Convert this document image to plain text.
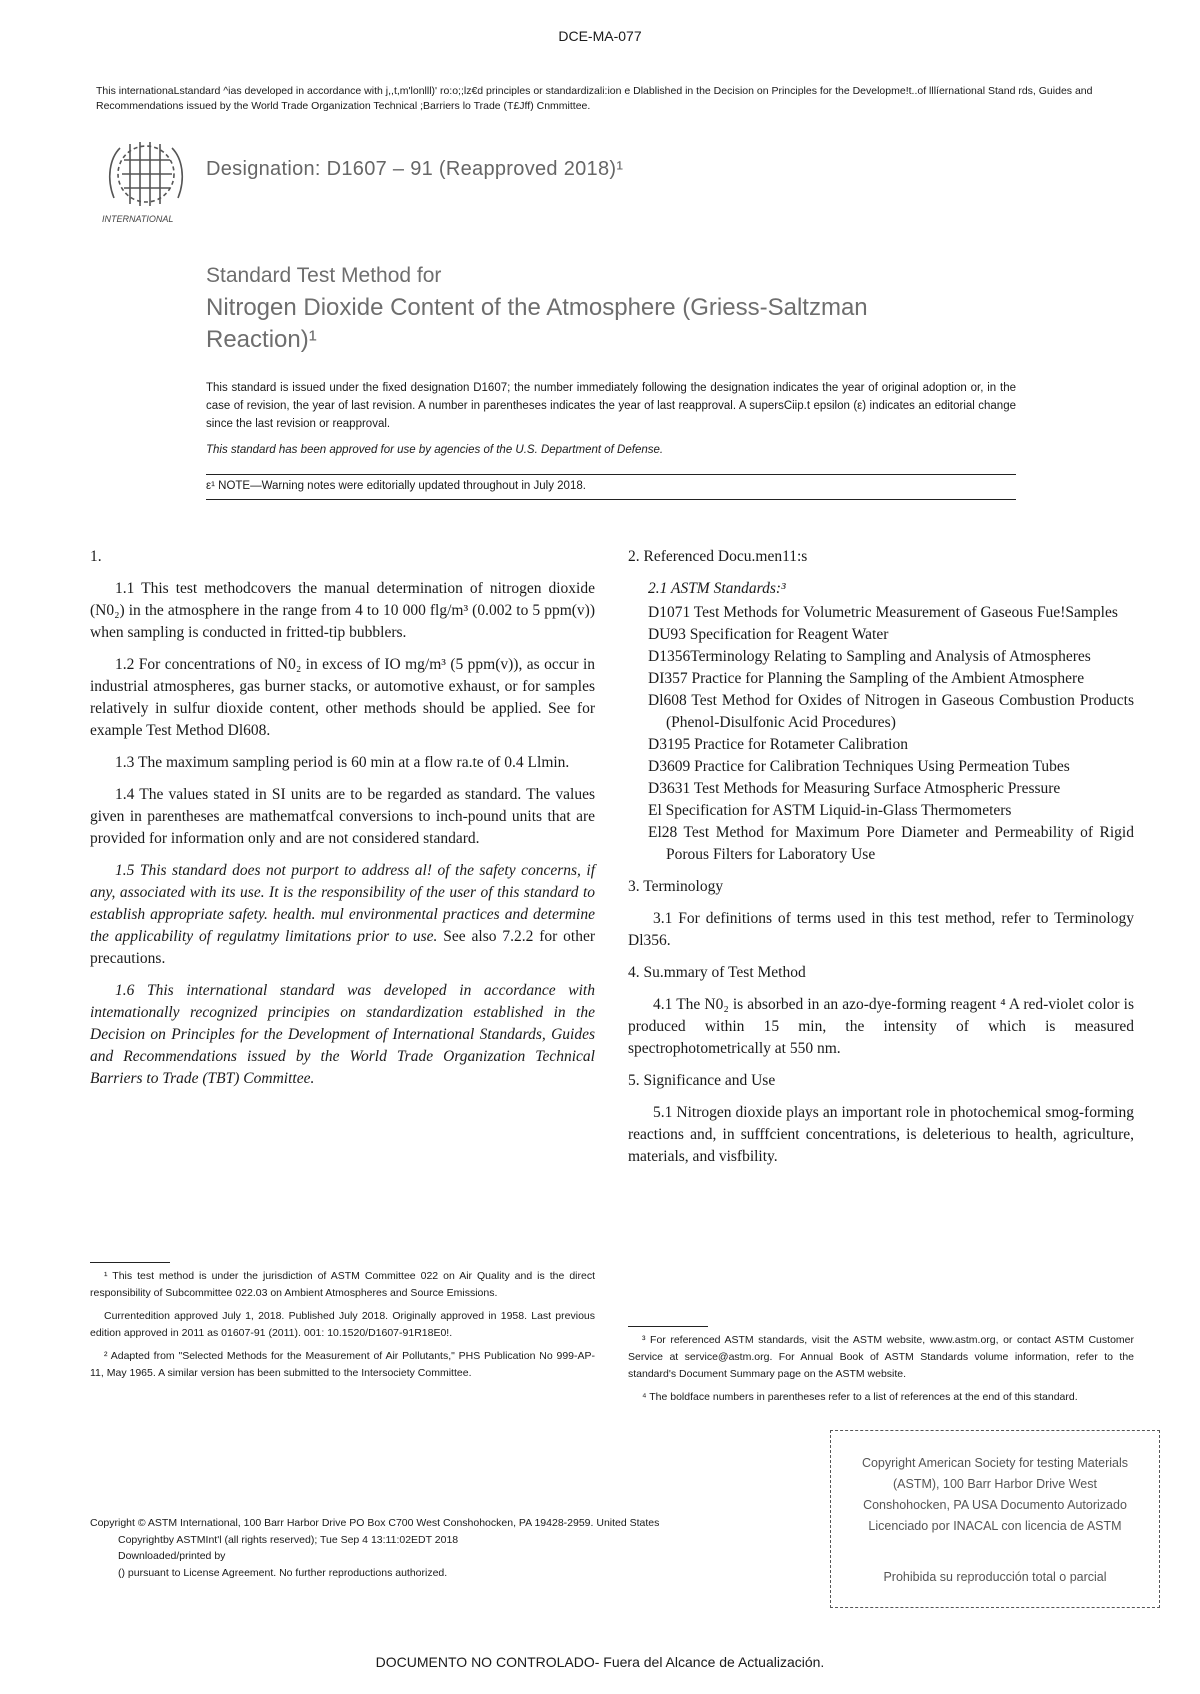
DCE-MA-077
This internationaLstandard ^ias developed in accordance with j,,t,m'lonlll)' ro:o;;lz€d principles or standardizali:ion e Dlablished in the Decision on Principles for the Developme!t..of lllíernational Stand rds, Guides and Recommendations issued by the World Trade Organization Technical ;Barriers lo Trade (T£Jff) Cnmmittee.
INTERNATIONAL
Designation: D1607 – 91 (Reapproved 2018)¹
Standard Test Method for
Nitrogen Dioxide Content of the Atmosphere (Griess-Saltzman Reaction)¹

This standard is issued under the fixed designation D1607; the number immediately following the designation indicates the year of original adoption or, in the case of revision, the year of last revision. A number in parentheses indicates the year of last reapproval. A supersCiip.t epsilon (ε) indicates an editorial change since the last revision or reapproval.

This standard has been approved for use by agencies of the U.S. Department of Defense.

ε¹ NOTE—Warning notes were editorially updated throughout in July 2018.
1.

1.1 This test methodcovers the manual determination of nitrogen dioxide (N0₂) in the atmosphere in the range from 4 to 10 000 flg/m³ (0.002 to 5 ppm(v)) when sampling is conducted in fritted-tip bubblers.

1.2 For concentrations of N0₂ in excess of IO mg/m³ (5 ppm(v)), as occur in industrial atmospheres, gas burner stacks, or automotive exhaust, or for samples relatively in sulfur dioxide content, other methods should be applied. See for example Test Method Dl608.

1.3 The maximum sampling period is 60 min at a flow ra.te of 0.4 Llmin.

1.4 The values stated in SI units are to be regarded as standard. The values given in parentheses are mathematfcal conversions to inch-pound units that are provided for information only and are not considered standard.

1.5 This standard does not purport to address al! of the safety concerns, if any, associated with its use. It is the responsibility of the user of this standard to establish appropriate safety. health. mul environmental practices and determine the applicability of regulatmy limitations prior to use. See also 7.2.2 for other precautions.

1.6 This international standard was developed in accordance with intemationally recognized principies on standardization established in the Decision on Principles for the Development of International Standards, Guides and Recommendations issued by the World Trade Organization Technical Barriers to Trade (TBT) Committee.

2. Referenced Docu.men11:s
2.1 ASTM Standards:³
D1071 Test Methods for Volumetric Measurement of Gaseous Fue!Samples
DU93 Specification for Reagent Water
D1356Terminology Relating to Sampling and Analysis of Atmospheres
DI357 Practice for Planning the Sampling of the Ambient Atmosphere
Dl608 Test Method for Oxides of Nitrogen in Gaseous Combustion Products (Phenol-Disulfonic Acid Procedures)
D3195 Practice for Rotameter Calibration
D3609 Practice for Calibration Techniques Using Permeation Tubes
D3631 Test Methods for Measuring Surface Atmospheric Pressure
El Specification for ASTM Liquid-in-Glass Thermometers
El28 Test Method for Maximum Pore Diameter and Permeability of Rigid Porous Filters for Laboratory Use
3. Terminology

3.1 For definitions of terms used in this test method, refer to Terminology Dl356.

4. Su.mmary of Test Method

4.1 The N0₂ is absorbed in an azo-dye-forming reagent ⁴ A red-violet color is produced within 15 min, the intensity of which is measured spectrophotometrically at 550 nm.

5. Significance and Use

5.1 Nitrogen dioxide plays an important role in photochemical smog-forming reactions and, in sufffcient concentrations, is deleterious to health, agriculture, materials, and visfbility.

¹ This test method is under the jurisdiction of ASTM Committee 022 on Air Quality and is the direct responsibility of Subcommittee 022.03 on Ambient Atmospheres and Source Emissions.

Currentedition approved July 1, 2018. Published July 2018. Originally approved in 1958. Last previous edition approved in 2011 as 01607-91 (2011). 001: 10.1520/D1607-91R18E0!.

² Adapted from "Selected Methods for the Measurement of Air Pollutants," PHS Publication No 999-AP-11, May 1965. A similar version has been submitted to the Intersociety Committee.

³ For referenced ASTM standards, visit the ASTM website, www.astm.org, or contact ASTM Customer Service at service@astm.org. For Annual Book of ASTM Standards volume information, refer to the standard's Document Summary page on the ASTM website.

⁴ The boldface numbers in parentheses refer to a list of references at the end of this standard.

Copyright © ASTM International, 100 Barr Harbor Drive PO Box C700 West Conshohocken, PA 19428-2959. United States
Copyrightby ASTMInt'l (all rights reserved); Tue Sep 4 13:11:02EDT 2018
Downloaded/printed by
() pursuant to License Agreement. No further reproductions authorized.
Copyright American Society for testing Materials
(ASTM), 100 Barr Harbor Drive West
Conshohocken, PA USA Documento Autorizado
Licenciado por INACAL con licencia de ASTM
Prohibida su reproducción total o parcial
DOCUMENTO NO CONTROLADO- Fuera del Alcance de Actualización.
